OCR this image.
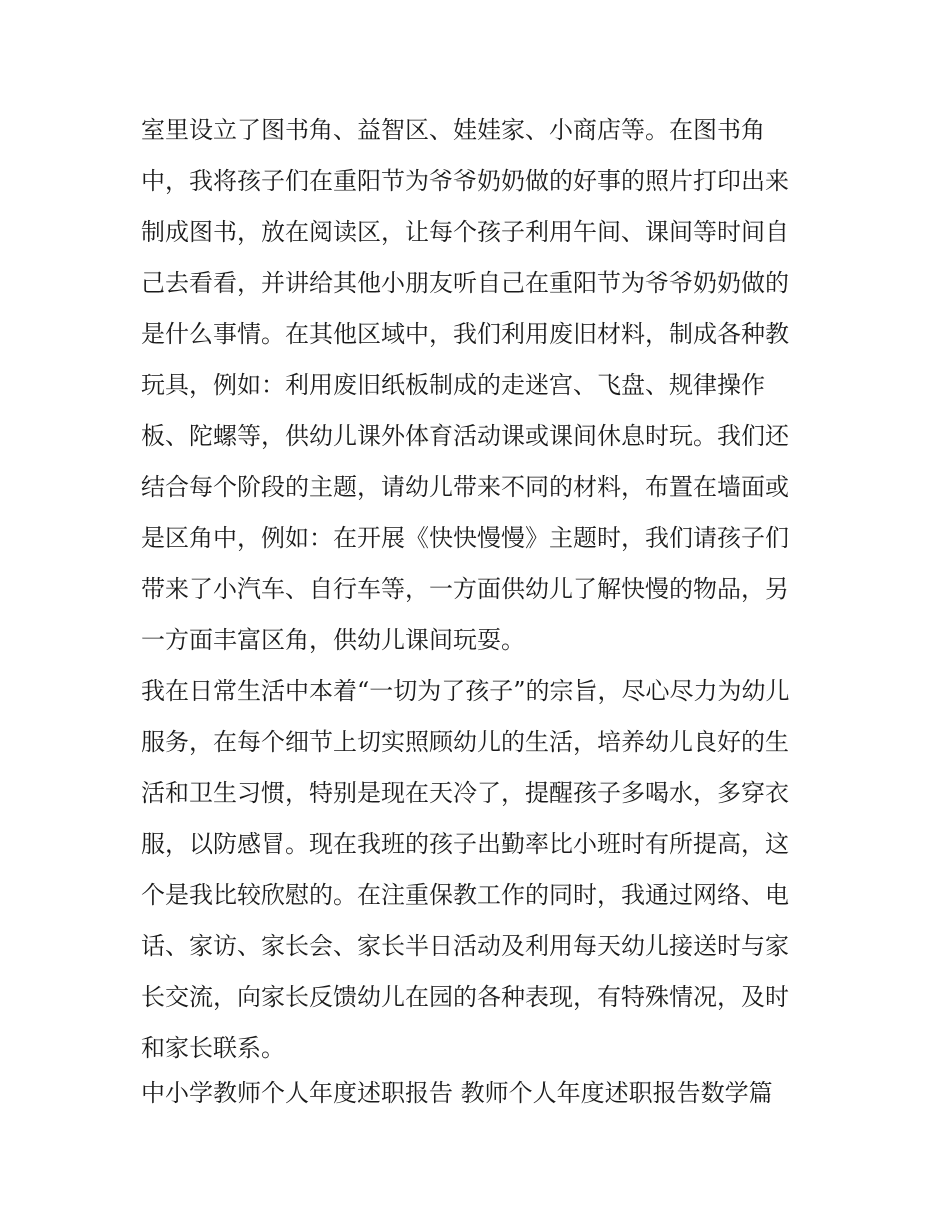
室里设立了图书角、益智区、娃娃家、小商店等。在图书角
中，我将孩子们在重阳节为爷爷奶奶做的好事的照片打印出来
制成图书，放在阅读区，让每个孩子利用午间、课间等时间自
己去看看，并讲给其他小朋友听自己在重阳节为爷爷奶奶做的
是什么事情。在其他区域中，我们利用废旧材料，制成各种教
玩具，例如：利用废旧纸板制成的走迷宫、飞盘、规律操作
板、陀螺等，供幼儿课外体育活动课或课间休息时玩。我们还
结合每个阶段的主题，请幼儿带来不同的材料，布置在墙面或
是区角中，例如：在开展《快快慢慢》主题时，我们请孩子们
带来了小汽车、自行车等，一方面供幼儿了解快慢的物品，另
一方面丰富区角，供幼儿课间玩耍。
我在日常生活中本着“一切为了孩子”的宗旨，尽心尽力为幼儿
服务，在每个细节上切实照顾幼儿的生活，培养幼儿良好的生
活和卫生习惯，特别是现在天冷了，提醒孩子多喝水，多穿衣
服，以防感冒。现在我班的孩子出勤率比小班时有所提高，这
个是我比较欣慰的。在注重保教工作的同时，我通过网络、电
话、家访、家长会、家长半日活动及利用每天幼儿接送时与家
长交流，向家长反馈幼儿在园的各种表现，有特殊情况，及时
和家长联系。
中小学教师个人年度述职报告 教师个人年度述职报告数学篇
